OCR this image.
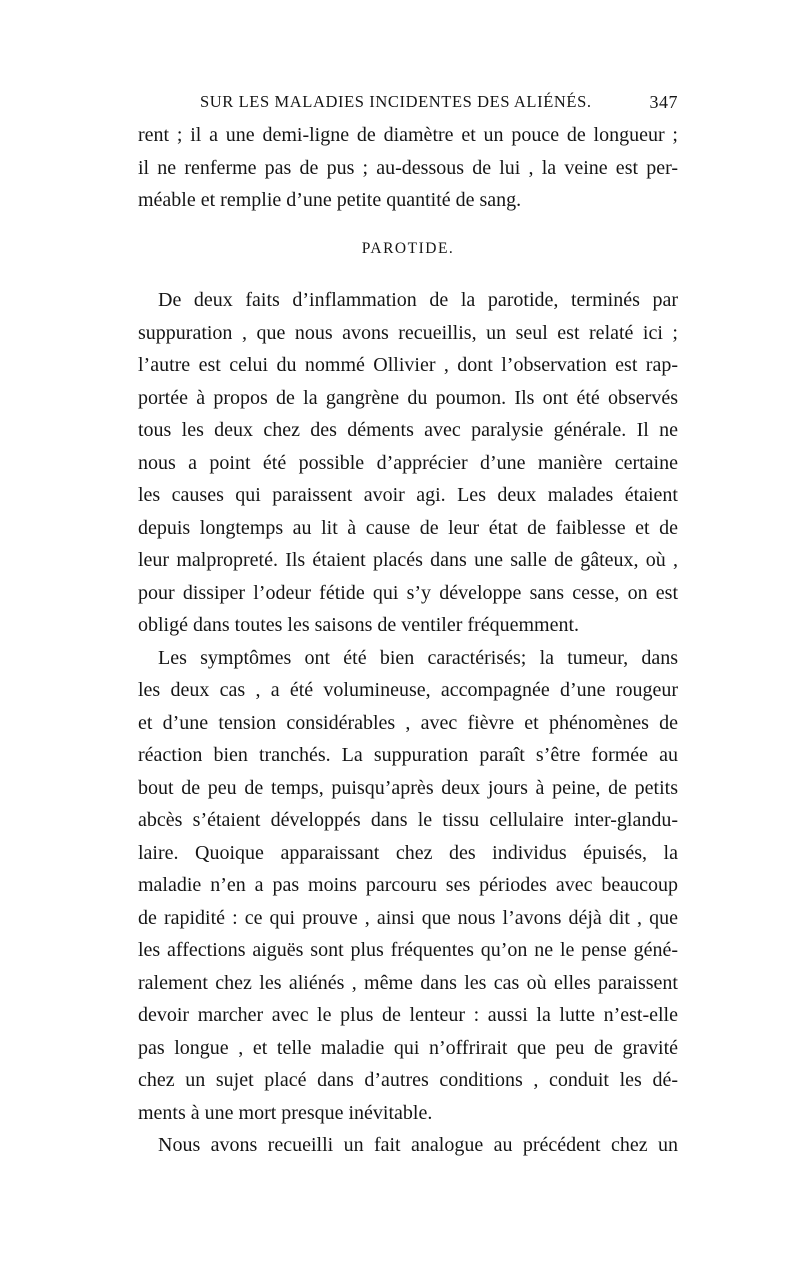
SUR LES MALADIES INCIDENTES DES ALIÉNÉS.	347
rent ; il a une demi-ligne de diamètre et un pouce de longueur ;
il ne renferme pas de pus ; au-dessous de lui , la veine est per-
méable et remplie d’une petite quantité de sang.
PAROTIDE.
De deux faits d’inflammation de la parotide, terminés par
suppuration , que nous avons recueillis, un seul est relaté ici ;
l’autre est celui du nommé Ollivier , dont l’observation est rap-
portée à propos de la gangrène du poumon. Ils ont été observés
tous les deux chez des déments avec paralysie générale. Il ne
nous a point été possible d’apprécier d’une manière certaine
les causes qui paraissent avoir agi. Les deux malades étaient
depuis longtemps au lit à cause de leur état de faiblesse et de
leur malpropreté. Ils étaient placés dans une salle de gâteux, où ,
pour dissiper l’odeur fétide qui s’y développe sans cesse, on est
obligé dans toutes les saisons de ventiler fréquemment.
Les symptômes ont été bien caractérisés; la tumeur, dans
les deux cas , a été volumineuse, accompagnée d’une rougeur
et d’une tension considérables , avec fièvre et phénomènes de
réaction bien tranchés. La suppuration paraît s’être formée au
bout de peu de temps, puisqu’après deux jours à peine, de petits
abcès s’étaient développés dans le tissu cellulaire inter-glandu-
laire. Quoique apparaissant chez des individus épuisés, la
maladie n’en a pas moins parcouru ses périodes avec beaucoup
de rapidité : ce qui prouve , ainsi que nous l’avons déjà dit , que
les affections aiguës sont plus fréquentes qu’on ne le pense géné-
ralement chez les aliénés , même dans les cas où elles paraissent
devoir marcher avec le plus de lenteur : aussi la lutte n’est-elle
pas longue , et telle maladie qui n’offrirait que peu de gravité
chez un sujet placé dans d’autres conditions , conduit les dé-
ments à une mort presque inévitable.
Nous avons recueilli un fait analogue au précédent chez un
